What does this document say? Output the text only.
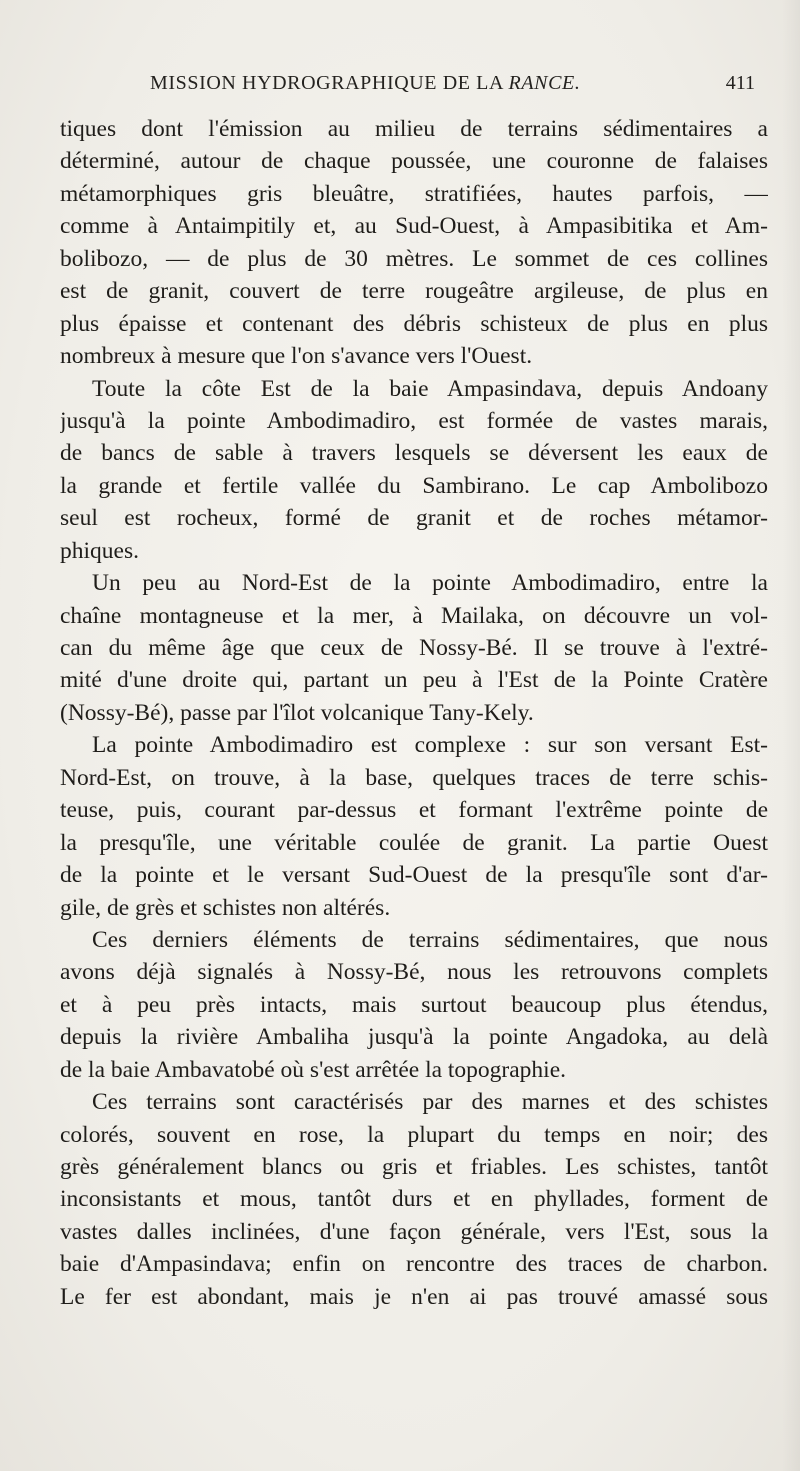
MISSION HYDROGRAPHIQUE DE LA RANCE.	411
tiques dont l'émission au milieu de terrains sédimentaires a
déterminé, autour de chaque poussée, une couronne de falaises
métamorphiques gris bleuâtre, stratifiées, hautes parfois, —
comme à Antaimpitily et, au Sud-Ouest, à Ampasibitika et Am-
bolibozo, — de plus de 30 mètres. Le sommet de ces collines
est de granit, couvert de terre rougeâtre argileuse, de plus en
plus épaisse et contenant des débris schisteux de plus en plus
nombreux à mesure que l'on s'avance vers l'Ouest.
Toute la côte Est de la baie Ampasindava, depuis Andoany
jusqu'à la pointe Ambodimadiro, est formée de vastes marais,
de bancs de sable à travers lesquels se déversent les eaux de
la grande et fertile vallée du Sambirano. Le cap Ambolibozo
seul est rocheux, formé de granit et de roches métamor-
phiques.
Un peu au Nord-Est de la pointe Ambodimadiro, entre la
chaîne montagneuse et la mer, à Mailaka, on découvre un vol-
can du même âge que ceux de Nossy-Bé. Il se trouve à l'extré-
mité d'une droite qui, partant un peu à l'Est de la Pointe Cratère
(Nossy-Bé), passe par l'îlot volcanique Tany-Kely.
La pointe Ambodimadiro est complexe : sur son versant Est-
Nord-Est, on trouve, à la base, quelques traces de terre schis-
teuse, puis, courant par-dessus et formant l'extrême pointe de
la presqu'île, une véritable coulée de granit. La partie Ouest
de la pointe et le versant Sud-Ouest de la presqu'île sont d'ar-
gile, de grès et schistes non altérés.
Ces derniers éléments de terrains sédimentaires, que nous
avons déjà signalés à Nossy-Bé, nous les retrouvons complets
et à peu près intacts, mais surtout beaucoup plus étendus,
depuis la rivière Ambaliha jusqu'à la pointe Angadoka, au delà
de la baie Ambavatobé où s'est arrêtée la topographie.
Ces terrains sont caractérisés par des marnes et des schistes
colorés, souvent en rose, la plupart du temps en noir; des
grès généralement blancs ou gris et friables. Les schistes, tantôt
inconsistants et mous, tantôt durs et en phyllades, forment de
vastes dalles inclinées, d'une façon générale, vers l'Est, sous la
baie d'Ampasindava; enfin on rencontre des traces de charbon.
Le fer est abondant, mais je n'en ai pas trouvé amassé sous
